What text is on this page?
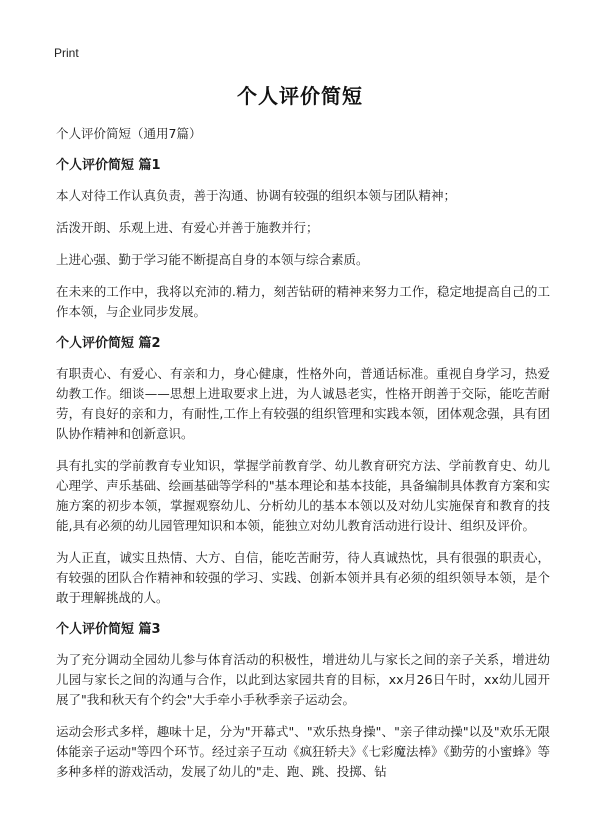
Print
个人评价简短
个人评价简短（通用7篇）
个人评价简短 篇1
本人对待工作认真负责，善于沟通、协调有较强的组织本领与团队精神；
活泼开朗、乐观上进、有爱心并善于施教并行；
上进心强、勤于学习能不断提高自身的本领与综合素质。
在未来的工作中，我将以充沛的.精力，刻苦钻研的精神来努力工作，稳定地提高自己的工作本领，与企业同步发展。
个人评价简短 篇2
有职责心、有爱心、有亲和力，身心健康，性格外向，普通话标准。重视自身学习，热爱幼教工作。细谈——思想上进取要求上进，为人诚恳老实，性格开朗善于交际，能吃苦耐劳，有良好的亲和力，有耐性,工作上有较强的组织管理和实践本领，团体观念强，具有团队协作精神和创新意识。
具有扎实的学前教育专业知识，掌握学前教育学、幼儿教育研究方法、学前教育史、幼儿心理学、声乐基础、绘画基础等学科的"基本理论和基本技能，具备编制具体教育方案和实施方案的初步本领，掌握观察幼儿、分析幼儿的基本本领以及对幼儿实施保育和教育的技能,具有必须的幼儿园管理知识和本领，能独立对幼儿教育活动进行设计、组织及评价。
为人正直，诚实且热情、大方、自信，能吃苦耐劳，待人真诚热忱，具有很强的职责心，有较强的团队合作精神和较强的学习、实践、创新本领并具有必须的组织领导本领，是个敢于理解挑战的人。
个人评价简短 篇3
为了充分调动全园幼儿参与体育活动的积极性，增进幼儿与家长之间的亲子关系，增进幼儿园与家长之间的沟通与合作，以此到达家园共育的目标，xx月26日午时，xx幼儿园开展了"我和秋天有个约会"大手牵小手秋季亲子运动会。
运动会形式多样，趣味十足，分为"开幕式"、"欢乐热身操"、"亲子律动操"以及"欢乐无限体能亲子运动"等四个环节。经过亲子互动《疯狂轿夫》《七彩魔法棒》《勤劳的小蜜蜂》等多种多样的游戏活动，发展了幼儿的"走、跑、跳、投掷、钻
